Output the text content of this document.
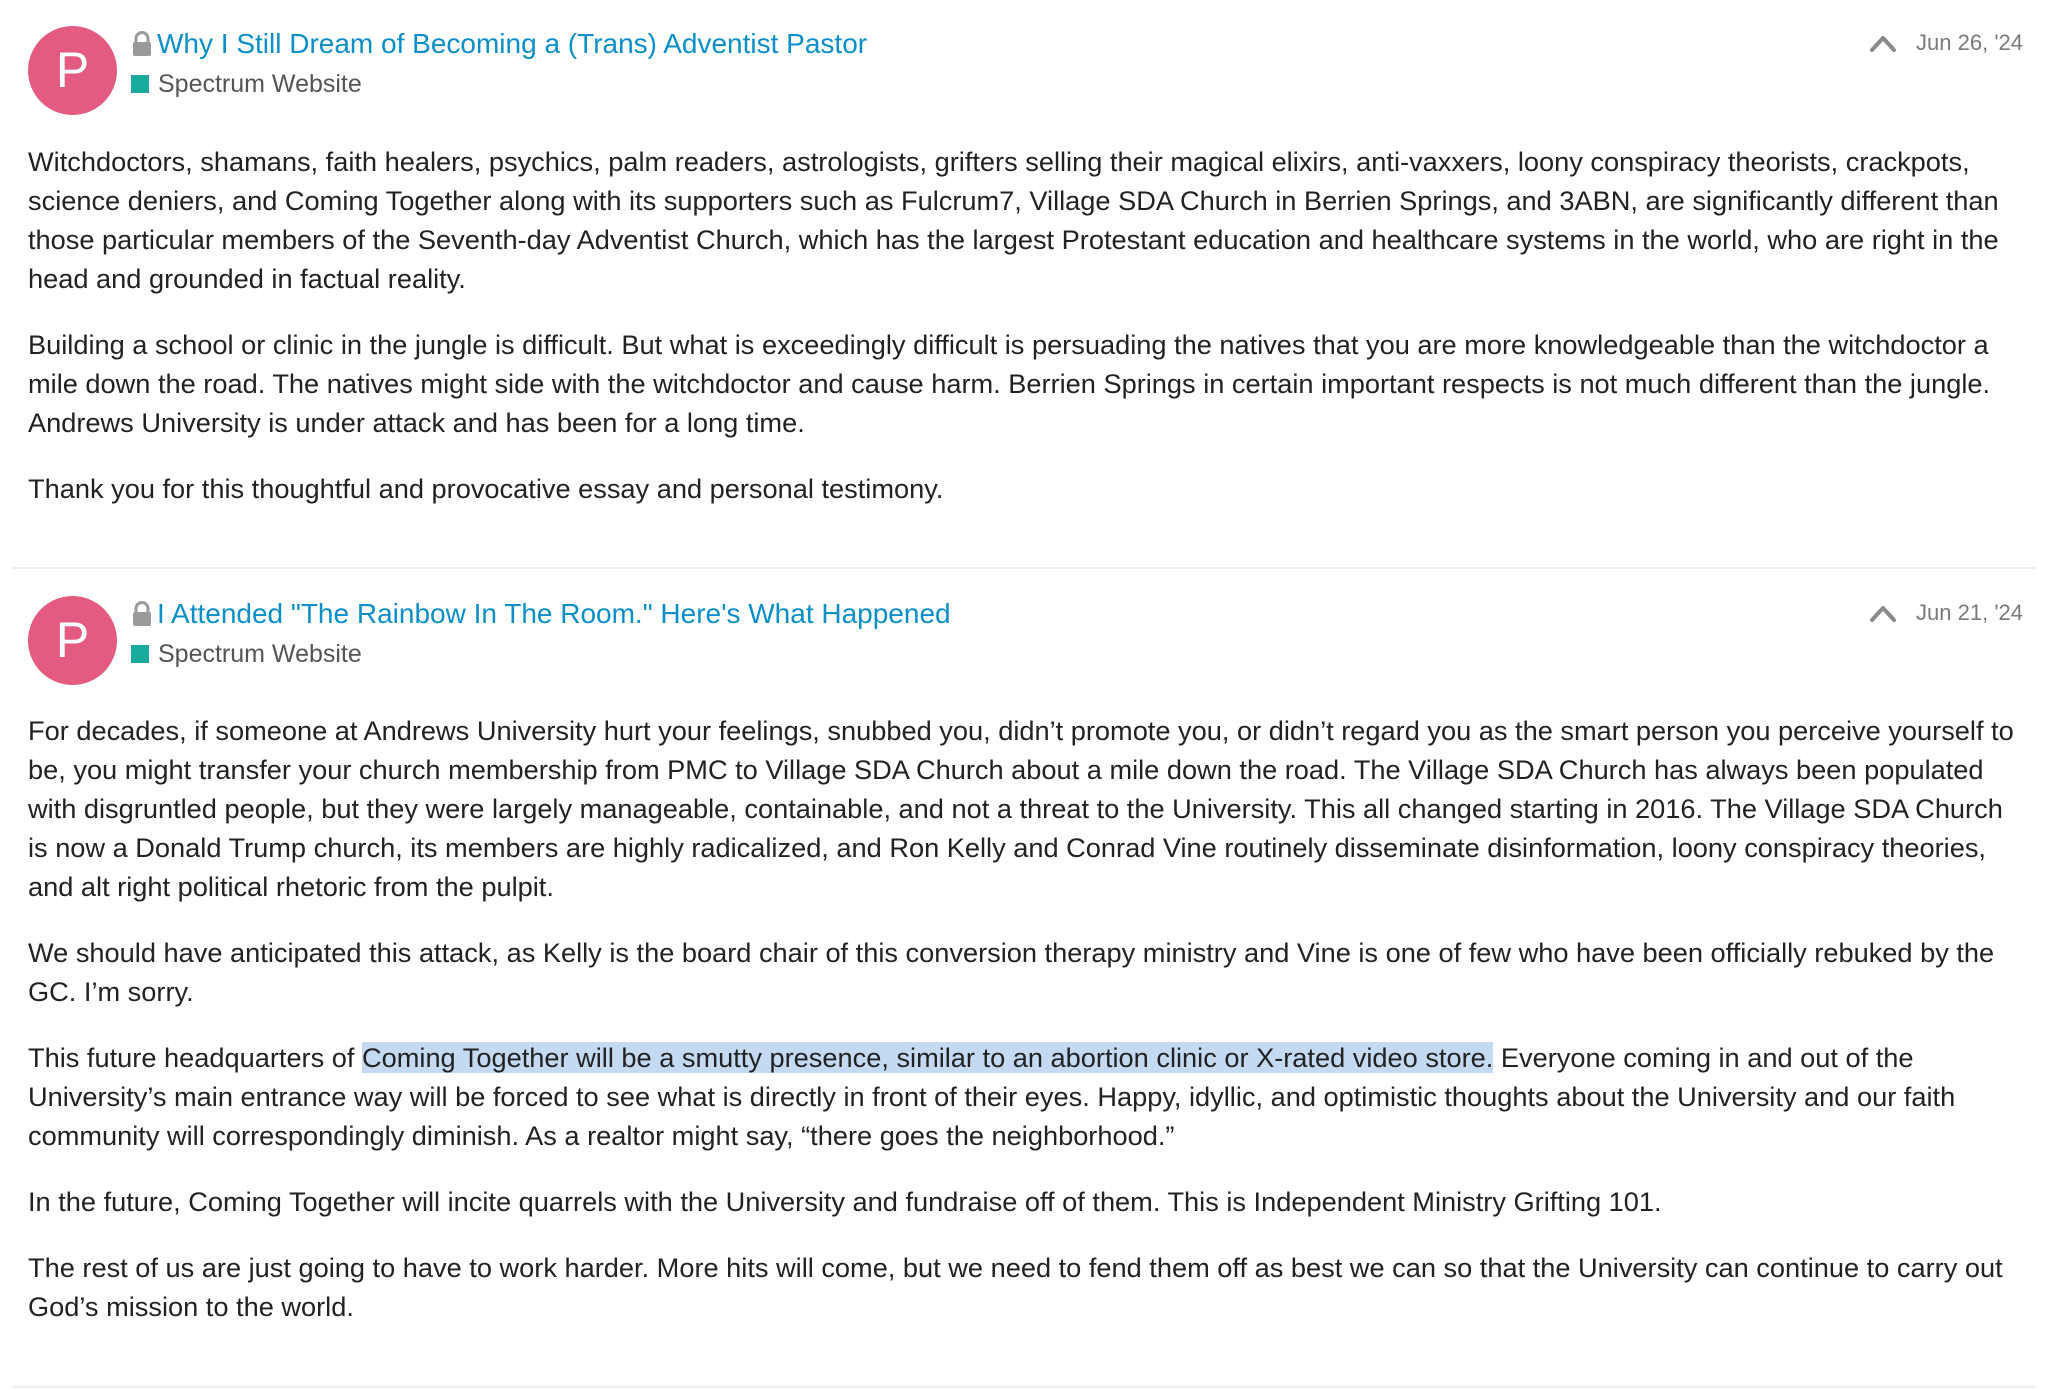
P	Why I Still Dream of Becoming a (Trans) Adventist Pastor
Spectrum Website
Jun 26, '24

Witchdoctors, shamans, faith healers, psychics, palm readers, astrologists, grifters selling their magical elixirs, anti-vaxxers, loony conspiracy theorists, crackpots, science deniers, and Coming Together along with its supporters such as Fulcrum7, Village SDA Church in Berrien Springs, and 3ABN, are significantly different than those particular members of the Seventh-day Adventist Church, which has the largest Protestant education and healthcare systems in the world, who are right in the head and grounded in factual reality.

Building a school or clinic in the jungle is difficult. But what is exceedingly difficult is persuading the natives that you are more knowledgeable than the witchdoctor a mile down the road. The natives might side with the witchdoctor and cause harm. Berrien Springs in certain important respects is not much different than the jungle. Andrews University is under attack and has been for a long time.

Thank you for this thoughtful and provocative essay and personal testimony.

P	I Attended "The Rainbow In The Room." Here's What Happened
Spectrum Website
Jun 21, '24

For decades, if someone at Andrews University hurt your feelings, snubbed you, didn’t promote you, or didn’t regard you as the smart person you perceive yourself to be, you might transfer your church membership from PMC to Village SDA Church about a mile down the road. The Village SDA Church has always been populated with disgruntled people, but they were largely manageable, containable, and not a threat to the University. This all changed starting in 2016. The Village SDA Church is now a Donald Trump church, its members are highly radicalized, and Ron Kelly and Conrad Vine routinely disseminate disinformation, loony conspiracy theories, and alt right political rhetoric from the pulpit.

We should have anticipated this attack, as Kelly is the board chair of this conversion therapy ministry and Vine is one of few who have been officially rebuked by the GC. I’m sorry.

This future headquarters of Coming Together will be a smutty presence, similar to an abortion clinic or X-rated video store. Everyone coming in and out of the University’s main entrance way will be forced to see what is directly in front of their eyes. Happy, idyllic, and optimistic thoughts about the University and our faith community will correspondingly diminish. As a realtor might say, “there goes the neighborhood.”

In the future, Coming Together will incite quarrels with the University and fundraise off of them. This is Independent Ministry Grifting 101.

The rest of us are just going to have to work harder. More hits will come, but we need to fend them off as best we can so that the University can continue to carry out God’s mission to the world.
